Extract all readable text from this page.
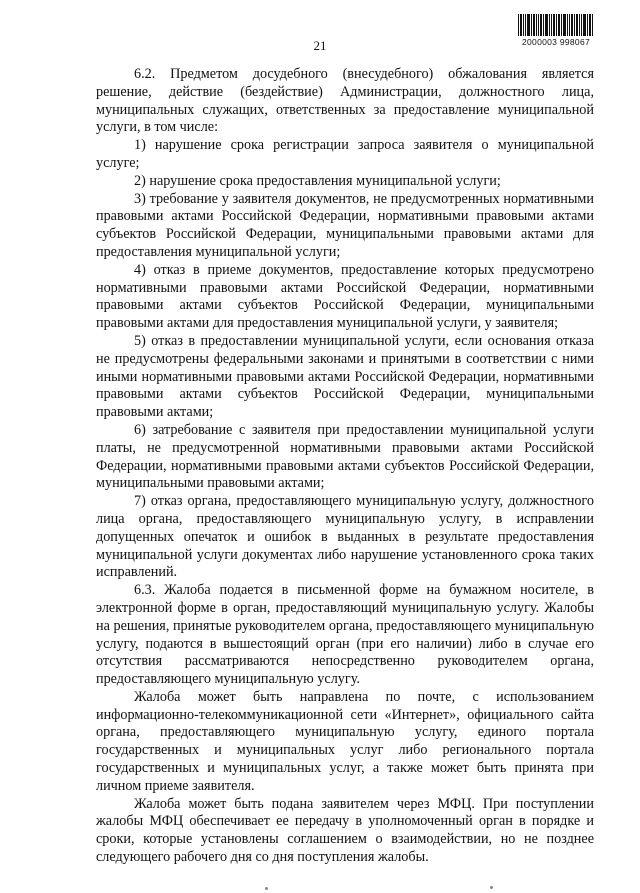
21	2000003 998067

6.2. Предметом досудебного (внесудебного) обжалования является решение, действие (бездействие) Администрации, должностного лица, муниципальных служащих, ответственных за предоставление муниципальной услуги, в том числе:

1) нарушение срока регистрации запроса заявителя о муниципальной услуге;

2) нарушение срока предоставления муниципальной услуги;

3) требование у заявителя документов, не предусмотренных нормативными правовыми актами Российской Федерации, нормативными правовыми актами субъектов Российской Федерации, муниципальными правовыми актами для предоставления муниципальной услуги;

4) отказ в приеме документов, предоставление которых предусмотрено нормативными правовыми актами Российской Федерации, нормативными правовыми актами субъектов Российской Федерации, муниципальными правовыми актами для предоставления муниципальной услуги, у заявителя;

5) отказ в предоставлении муниципальной услуги, если основания отказа не предусмотрены федеральными законами и принятыми в соответствии с ними иными нормативными правовыми актами Российской Федерации, нормативными правовыми актами субъектов Российской Федерации, муниципальными правовыми актами;

6) затребование с заявителя при предоставлении муниципальной услуги платы, не предусмотренной нормативными правовыми актами Российской Федерации, нормативными правовыми актами субъектов Российской Федерации, муниципальными правовыми актами;

7) отказ органа, предоставляющего муниципальную услугу, должностного лица органа, предоставляющего муниципальную услугу, в исправлении допущенных опечаток и ошибок в выданных в результате предоставления муниципальной услуги документах либо нарушение установленного срока таких исправлений.

6.3. Жалоба подается в письменной форме на бумажном носителе, в электронной форме в орган, предоставляющий муниципальную услугу. Жалобы на решения, принятые руководителем органа, предоставляющего муниципальную услугу, подаются в вышестоящий орган (при его наличии) либо в случае его отсутствия рассматриваются непосредственно руководителем органа, предоставляющего муниципальную услугу.

Жалоба может быть направлена по почте, с использованием информационно-телекоммуникационной сети «Интернет», официального сайта органа, предоставляющего муниципальную услугу, единого портала государственных и муниципальных услуг либо регионального портала государственных и муниципальных услуг, а также может быть принята при личном приеме заявителя.

Жалоба может быть подана заявителем через МФЦ. При поступлении жалобы МФЦ обеспечивает ее передачу в уполномоченный орган в порядке и сроки, которые установлены соглашением о взаимодействии, но не позднее следующего рабочего дня со дня поступления жалобы.
